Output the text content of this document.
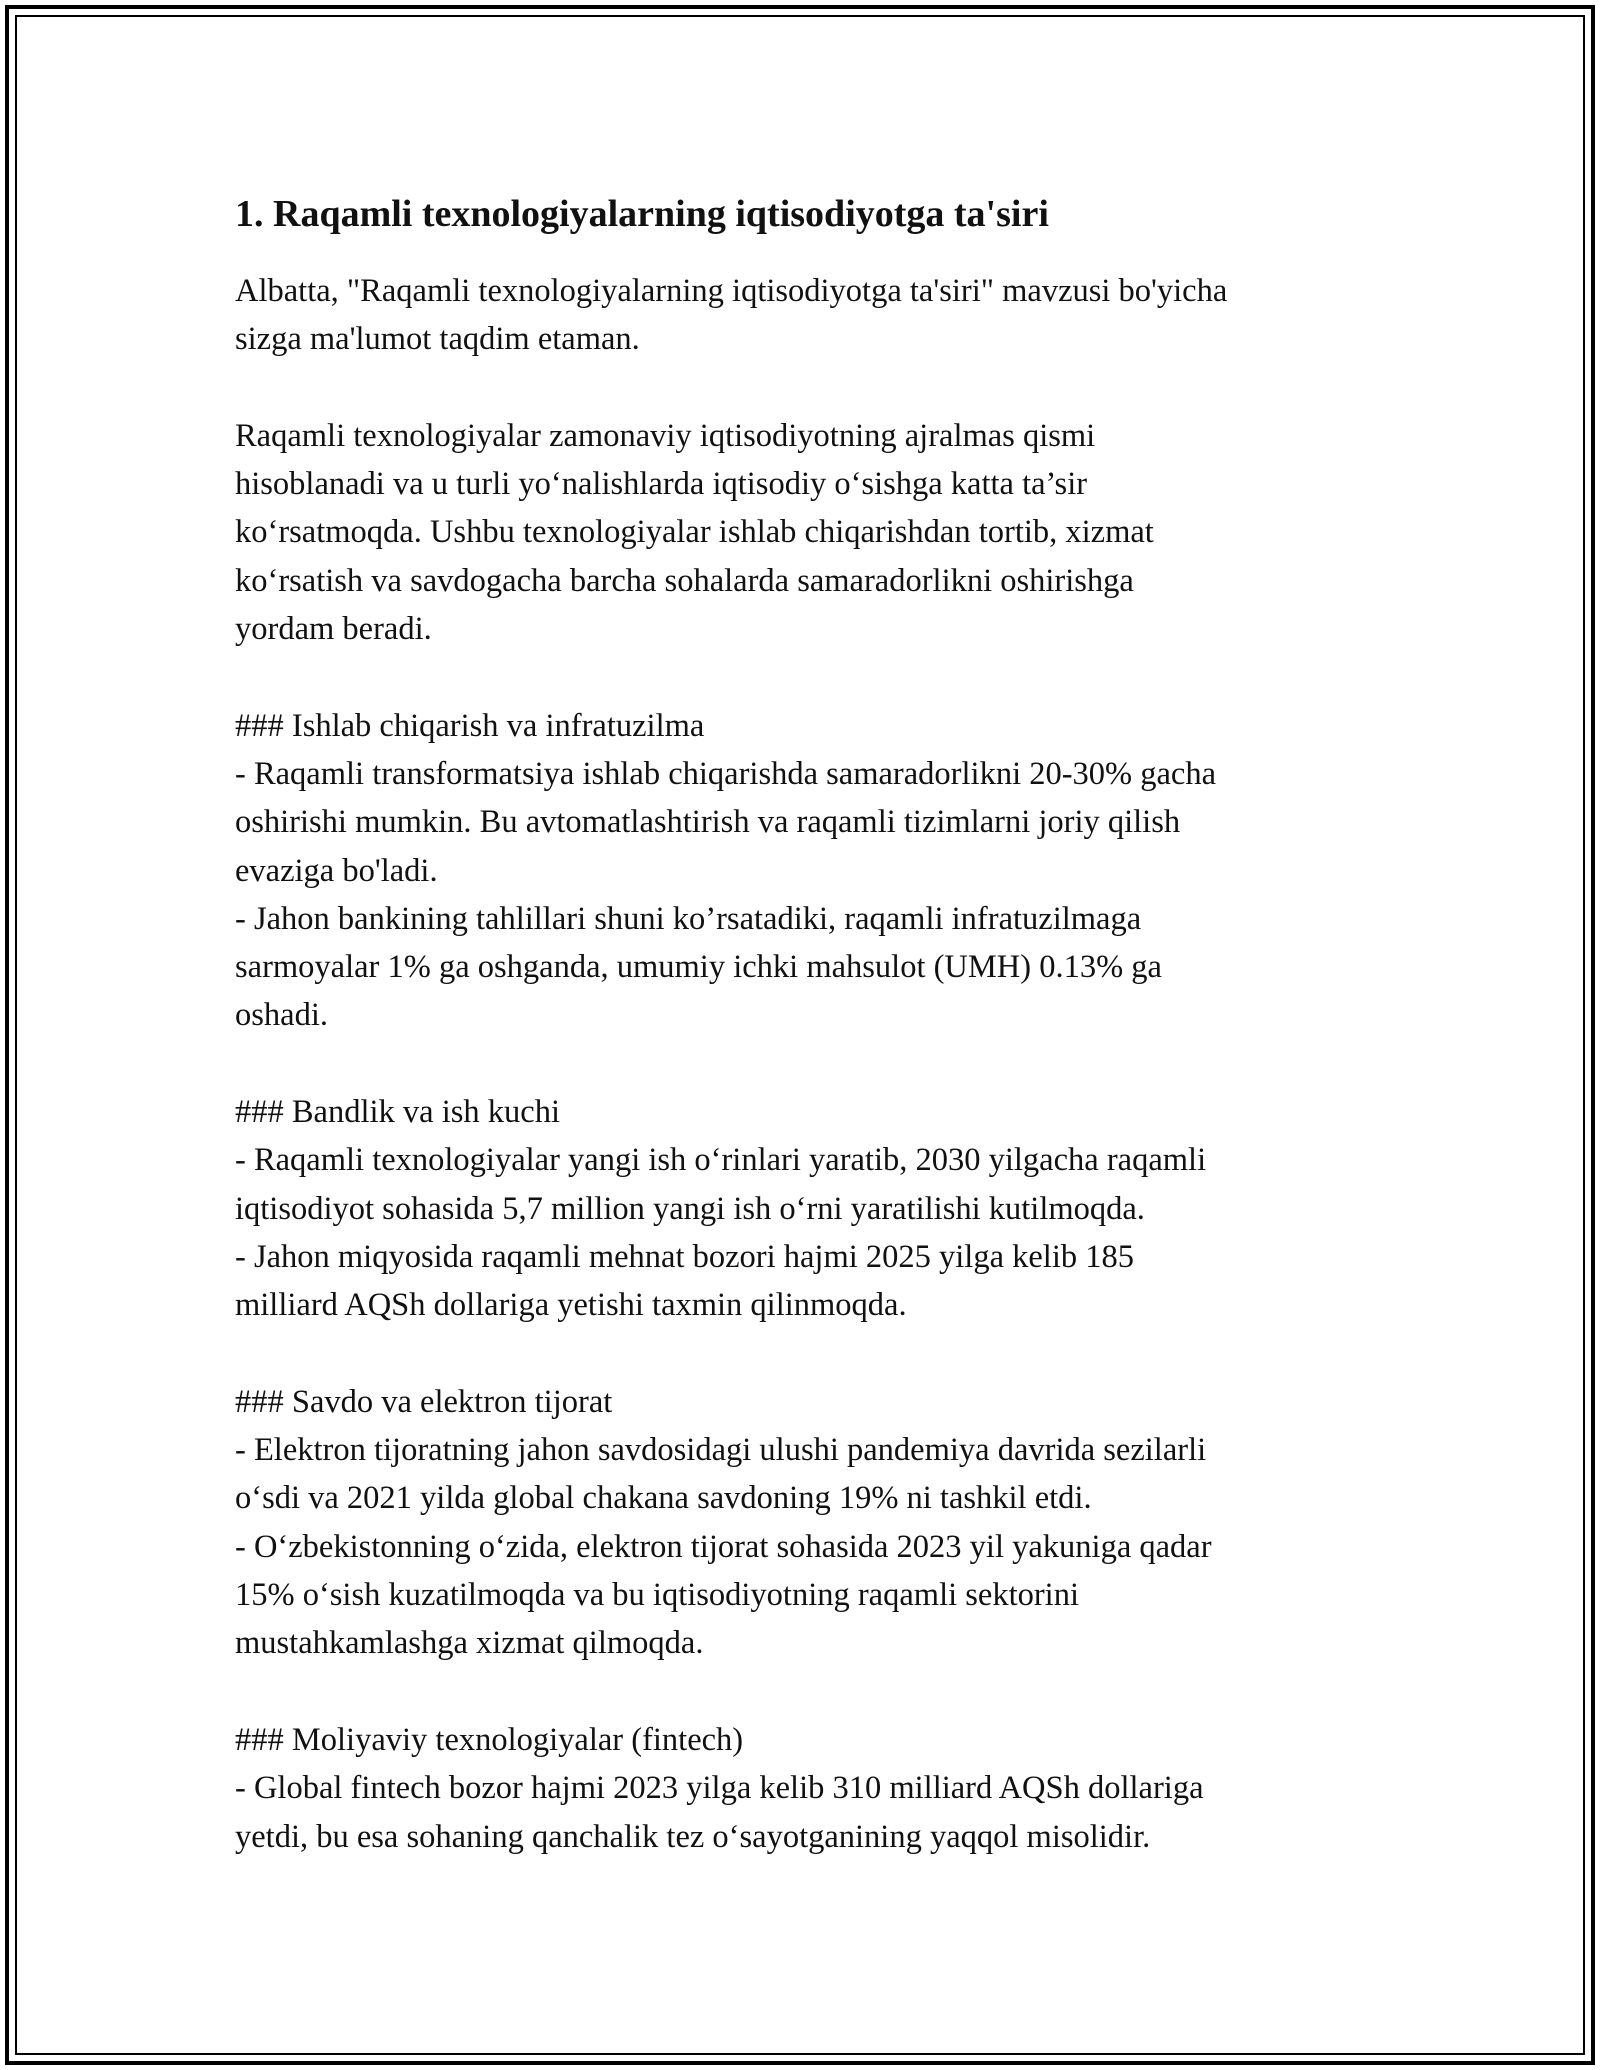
1. Raqamli texnologiyalarning iqtisodiyotga ta'siri

Albatta, "Raqamli texnologiyalarning iqtisodiyotga ta'siri" mavzusi bo'yicha
sizga ma'lumot taqdim etaman.

Raqamli texnologiyalar zamonaviy iqtisodiyotning ajralmas qismi
hisoblanadi va u turli yo‘nalishlarda iqtisodiy o‘sishga katta ta’sir
ko‘rsatmoqda. Ushbu texnologiyalar ishlab chiqarishdan tortib, xizmat
ko‘rsatish va savdogacha barcha sohalarda samaradorlikni oshirishga
yordam beradi.

### Ishlab chiqarish va infratuzilma

- Raqamli transformatsiya ishlab chiqarishda samaradorlikni 20-30% gacha
oshirishi mumkin. Bu avtomatlashtirish va raqamli tizimlarni joriy qilish
evaziga bo'ladi.

- Jahon bankining tahlillari shuni ko’rsatadiki, raqamli infratuzilmaga
sarmoyalar 1% ga oshganda, umumiy ichki mahsulot (UMH) 0.13% ga
oshadi.

### Bandlik va ish kuchi

- Raqamli texnologiyalar yangi ish o‘rinlari yaratib, 2030 yilgacha raqamli
iqtisodiyot sohasida 5,7 million yangi ish o‘rni yaratilishi kutilmoqda.

- Jahon miqyosida raqamli mehnat bozori hajmi 2025 yilga kelib 185
milliard AQSh dollariga yetishi taxmin qilinmoqda.

### Savdo va elektron tijorat

- Elektron tijoratning jahon savdosidagi ulushi pandemiya davrida sezilarli
o‘sdi va 2021 yilda global chakana savdoning 19% ni tashkil etdi.

- O‘zbekistonning o‘zida, elektron tijorat sohasida 2023 yil yakuniga qadar
15% o‘sish kuzatilmoqda va bu iqtisodiyotning raqamli sektorini
mustahkamlashga xizmat qilmoqda.

### Moliyaviy texnologiyalar (fintech)

- Global fintech bozor hajmi 2023 yilga kelib 310 milliard AQSh dollariga
yetdi, bu esa sohaning qanchalik tez o‘sayotganining yaqqol misolidir.
